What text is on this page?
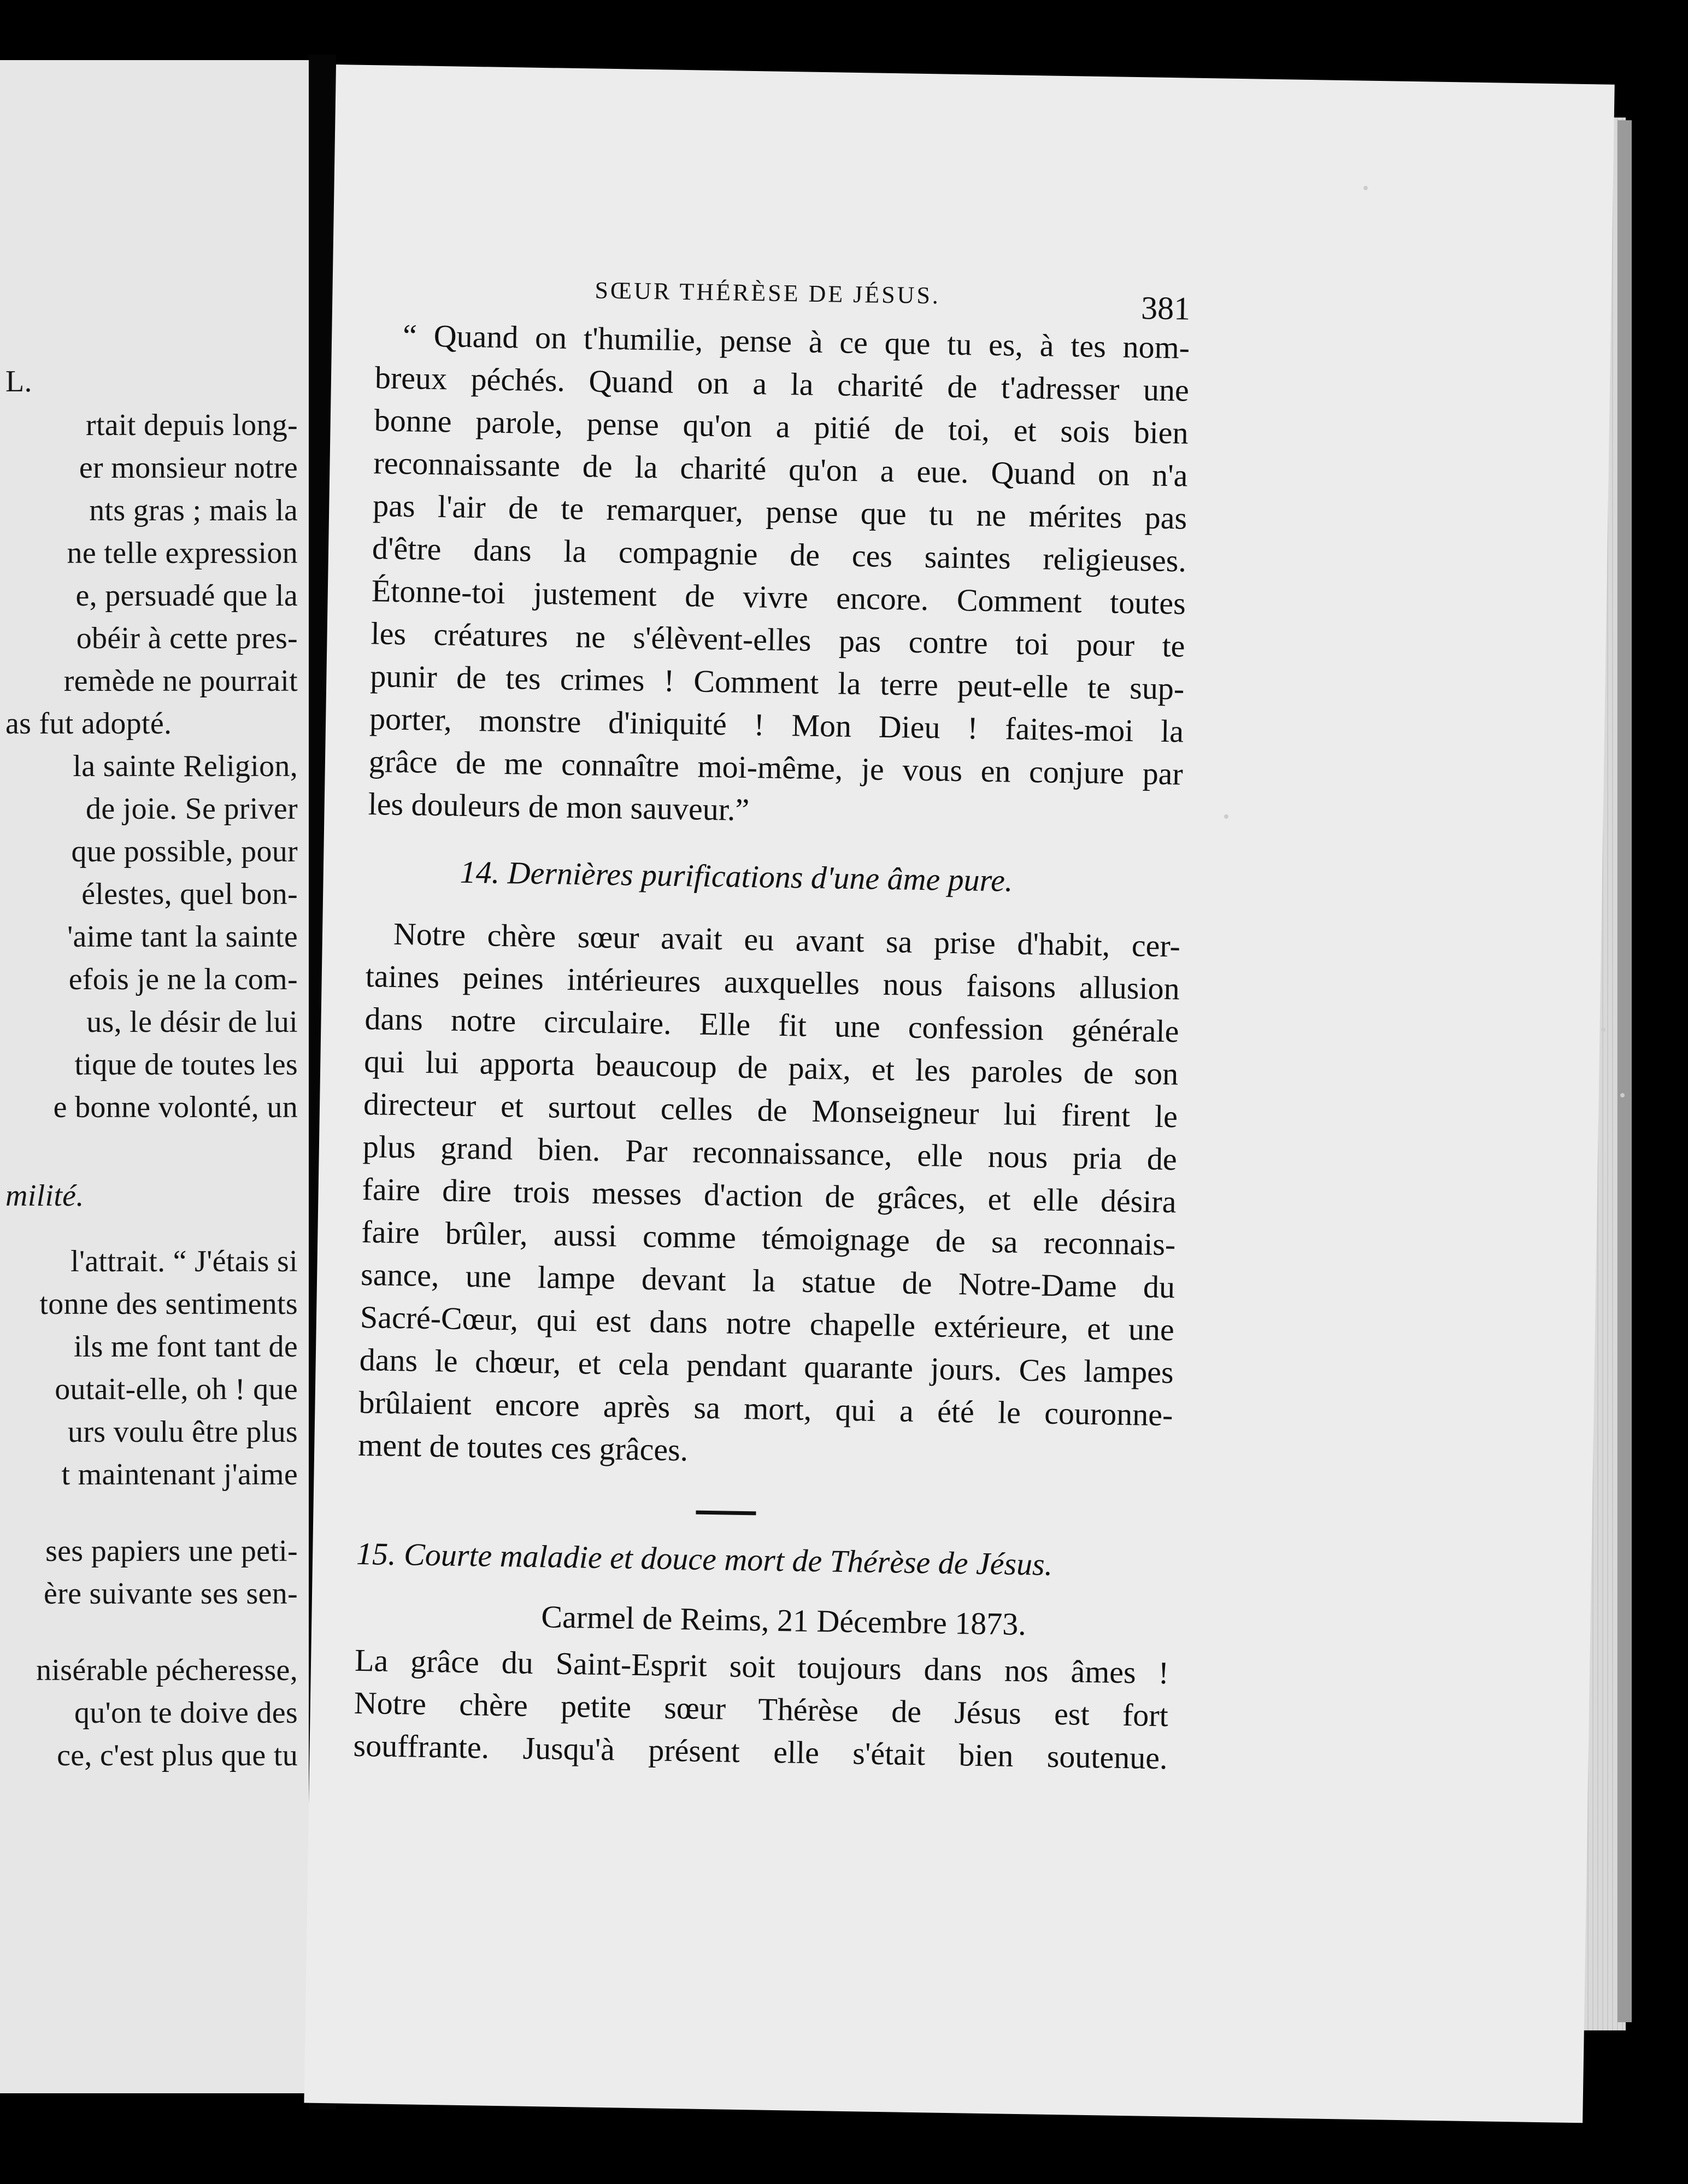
L.
rtait depuis long-
er monsieur notre
nts gras ; mais la
ne telle expression
e, persuadé que la
obéir à cette pres-
remède ne pourrait
as fut adopté.
la sainte Religion,
de joie. Se priver
que possible, pour
élestes, quel bon-
'aime tant la sainte
efois je ne la com-
us, le désir de lui
tique de toutes les
e bonne volonté, un
milité.
l'attrait. “ J'étais si
tonne des sentiments
ils me font tant de
outait-elle, oh ! que
urs voulu être plus
t maintenant j'aime
ses papiers une peti-
ère suivante ses sen-
nisérable pécheresse,
qu'on te doive des
ce, c'est plus que tu
SŒUR THÉRÈSE DE JÉSUS.	381
“ Quand on t'humilie, pense à ce que tu es, à tes nom-
breux péchés. Quand on a la charité de t'adresser une
bonne parole, pense qu'on a pitié de toi, et sois bien
reconnaissante de la charité qu'on a eue. Quand on n'a
pas l'air de te remarquer, pense que tu ne mérites pas
d'être dans la compagnie de ces saintes religieuses.
Étonne-toi justement de vivre encore. Comment toutes
les créatures ne s'élèvent-elles pas contre toi pour te
punir de tes crimes ! Comment la terre peut-elle te sup-
porter, monstre d'iniquité ! Mon Dieu ! faites-moi la
grâce de me connaître moi-même, je vous en conjure par
les douleurs de mon sauveur.”
14. Dernières purifications d'une âme pure.
Notre chère sœur avait eu avant sa prise d'habit, cer-
taines peines intérieures auxquelles nous faisons allusion
dans notre circulaire. Elle fit une confession générale
qui lui apporta beaucoup de paix, et les paroles de son
directeur et surtout celles de Monseigneur lui firent le
plus grand bien. Par reconnaissance, elle nous pria de
faire dire trois messes d'action de grâces, et elle désira
faire brûler, aussi comme témoignage de sa reconnais-
sance, une lampe devant la statue de Notre-Dame du
Sacré-Cœur, qui est dans notre chapelle extérieure, et une
dans le chœur, et cela pendant quarante jours. Ces lampes
brûlaient encore après sa mort, qui a été le couronne-
ment de toutes ces grâces.
15. Courte maladie et douce mort de Thérèse de Jésus.
Carmel de Reims, 21 Décembre 1873.
La grâce du Saint-Esprit soit toujours dans nos âmes !
Notre chère petite sœur Thérèse de Jésus est fort
souffrante. Jusqu'à présent elle s'était bien soutenue.
